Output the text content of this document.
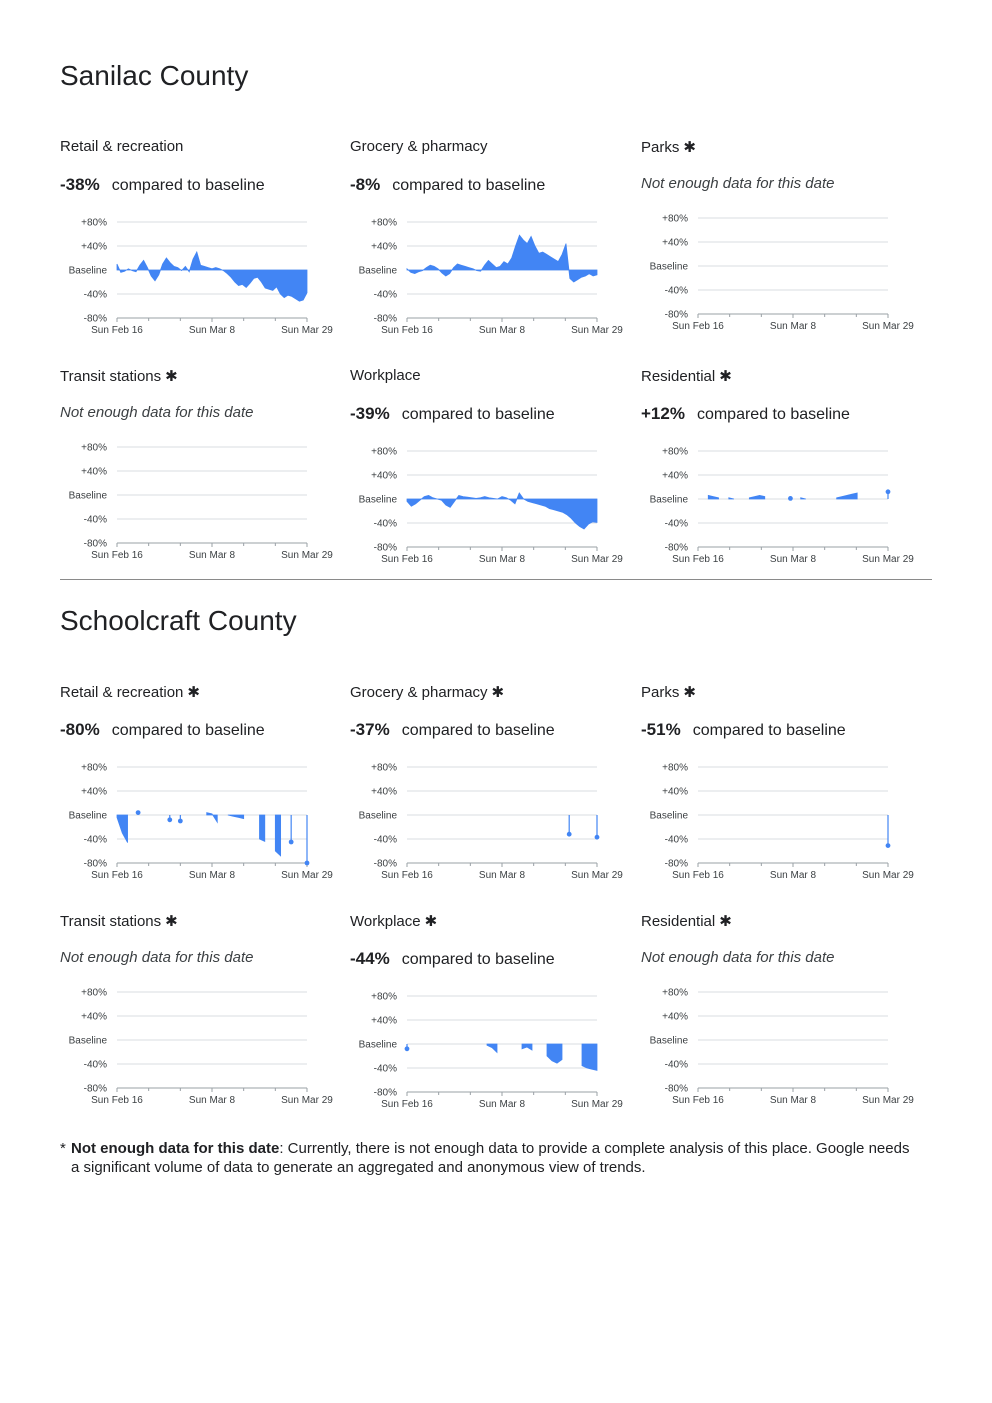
Sanilac County
Retail & recreation
-38% compared to baseline
+80%
+40%
Baseline
-40%
-80%
Sun Feb 16	Sun Mar 8	Sun Mar 29
Grocery & pharmacy
-8% compared to baseline
+80%
+40%
Baseline
-40%
-80%
Sun Feb 16	Sun Mar 8	Sun Mar 29
Parks ✱
Not enough data for this date
+80%
+40%
Baseline
-40%
-80%
Sun Feb 16	Sun Mar 8	Sun Mar 29
Transit stations ✱
Not enough data for this date
+80%
+40%
Baseline
-40%
-80%
Sun Feb 16	Sun Mar 8	Sun Mar 29
Workplace
-39% compared to baseline
+80%
+40%
Baseline
-40%
-80%
Sun Feb 16	Sun Mar 8	Sun Mar 29
Residential ✱
+12% compared to baseline
+80%
+40%
Baseline
-40%
-80%
Sun Feb 16	Sun Mar 8	Sun Mar 29
Schoolcraft County
Retail & recreation ✱
-80% compared to baseline
+80%
+40%
Baseline
-40%
-80%
Sun Feb 16	Sun Mar 8	Sun Mar 29
Grocery & pharmacy ✱
-37% compared to baseline
+80%
+40%
Baseline
-40%
-80%
Sun Feb 16	Sun Mar 8	Sun Mar 29
Parks ✱
-51% compared to baseline
+80%
+40%
Baseline
-40%
-80%
Sun Feb 16	Sun Mar 8	Sun Mar 29
Transit stations ✱
Not enough data for this date
+80%
+40%
Baseline
-40%
-80%
Sun Feb 16	Sun Mar 8	Sun Mar 29
Workplace ✱
-44% compared to baseline
+80%
+40%
Baseline
-40%
-80%
Sun Feb 16	Sun Mar 8	Sun Mar 29
Residential ✱
Not enough data for this date
+80%
+40%
Baseline
-40%
-80%
Sun Feb 16	Sun Mar 8	Sun Mar 29
* Not enough data for this date: Currently, there is not enough data to provide a complete analysis of this place. Google needs a significant volume of data to generate an aggregated and anonymous view of trends.
